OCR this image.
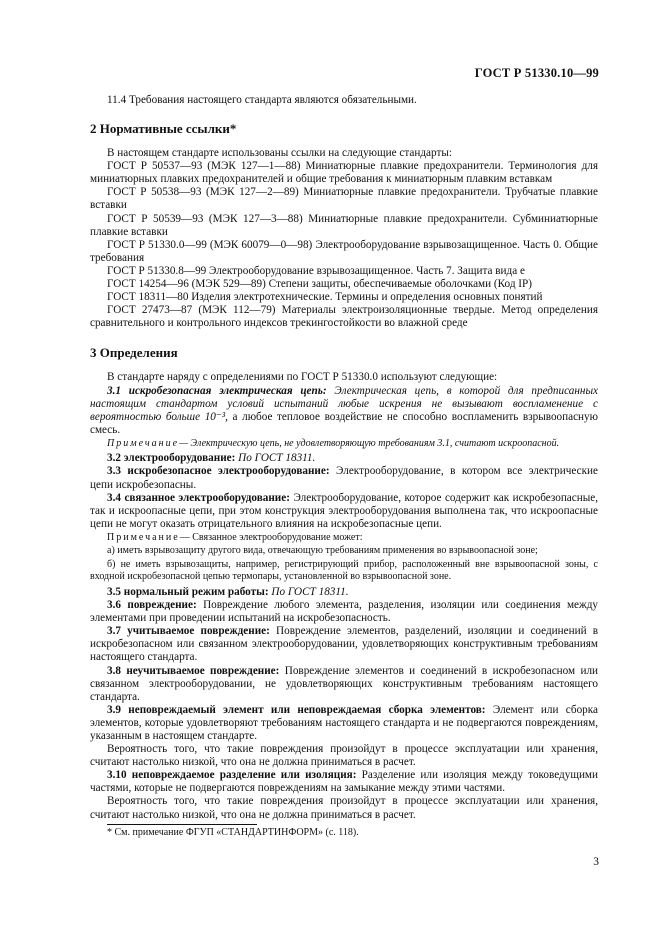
ГОСТ Р 51330.10—99

11.4 Требования настоящего стандарта являются обязательными.

2 Нормативные ссылки*

В настоящем стандарте использованы ссылки на следующие стандарты:

ГОСТ Р 50537—93 (МЭК 127—1—88) Миниатюрные плавкие предохранители. Терминология для миниатюрных плавких предохранителей и общие требования к миниатюрным плавким вставкам

ГОСТ Р 50538—93 (МЭК 127—2—89) Миниатюрные плавкие предохранители. Трубчатые плавкие вставки

ГОСТ Р 50539—93 (МЭК 127—3—88) Миниатюрные плавкие предохранители. Субминиатюрные плавкие вставки

ГОСТ Р 51330.0—99 (МЭК 60079—0—98) Электрооборудование взрывозащищенное. Часть 0. Общие требования

ГОСТ Р 51330.8—99 Электрооборудование взрывозащищенное. Часть 7. Защита вида е

ГОСТ 14254—96 (МЭК 529—89) Степени защиты, обеспечиваемые оболочками (Код IP)

ГОСТ 18311—80 Изделия электротехнические. Термины и определения основных понятий

ГОСТ 27473—87 (МЭК 112—79) Материалы электроизоляционные твердые. Метод определения сравнительного и контрольного индексов трекингостойкости во влажной среде

3 Определения

В стандарте наряду с определениями по ГОСТ Р 51330.0 используют следующие:

3.1 искробезопасная электрическая цепь: Электрическая цепь, в которой для предписанных настоящим стандартом условий испытаний любые искрения не вызывают воспламенение с вероятностью больше 10⁻³, а любое тепловое воздействие не способно воспламенить взрывоопасную смесь.

Примечание— Электрическую цепь, не удовлетворяющую требованиям 3.1, считают искроопасной.

3.2 электрооборудование: По ГОСТ 18311.

3.3 искробезопасное электрооборудование: Электрооборудование, в котором все электрические цепи искробезопасны.

3.4 связанное электрооборудование: Электрооборудование, которое содержит как искробезопасные, так и искроопасные цепи, при этом конструкция электрооборудования выполнена так, что искроопасные цепи не могут оказать отрицательного влияния на искробезопасные цепи.

Примечание— Связанное электрооборудование может:

а) иметь взрывозащиту другого вида, отвечающую требованиям применения во взрывоопасной зоне;

б) не иметь взрывозащиты, например, регистрирующий прибор, расположенный вне взрывоопасной зоны, с входной искробезопасной цепью термопары, установленной во взрывоопасной зоне.

3.5 нормальный режим работы: По ГОСТ 18311.

3.6 повреждение: Повреждение любого элемента, разделения, изоляции или соединения между элементами при проведении испытаний на искробезопасность.

3.7 учитываемое повреждение: Повреждение элементов, разделений, изоляции и соединений в искробезопасном или связанном электрооборудовании, удовлетворяющих конструктивным требованиям настоящего стандарта.

3.8 неучитываемое повреждение: Повреждение элементов и соединений в искробезопасном или связанном электрооборудовании, не удовлетворяющих конструктивным требованиям настоящего стандарта.

3.9 неповреждаемый элемент или неповреждаемая сборка элементов: Элемент или сборка элементов, которые удовлетворяют требованиям настоящего стандарта и не подвергаются повреждениям, указанным в настоящем стандарте.

Вероятность того, что такие повреждения произойдут в процессе эксплуатации или хранения, считают настолько низкой, что она не должна приниматься в расчет.

3.10 неповреждаемое разделение или изоляция: Разделение или изоляция между токоведущими частями, которые не подвергаются повреждениям на замыкание между этими частями.

Вероятность того, что такие повреждения произойдут в процессе эксплуатации или хранения, считают настолько низкой, что она не должна приниматься в расчет.

* См. примечание ФГУП «СТАНДАРТИНФОРМ» (с. 118).

3
